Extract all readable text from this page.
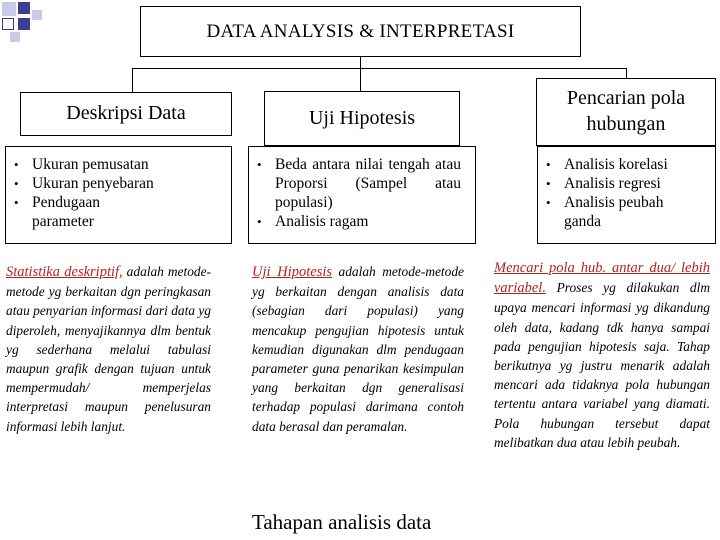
DATA ANALYSIS & INTERPRETASI
Deskripsi Data
• Ukuran pemusatan
• Ukuran penyebaran
• Pendugaan parameter
Statistika deskriptif, adalah metode-metode yg berkaitan dgn peringkasan atau penyarian informasi dari data yg diperoleh, menyajikannya dlm bentuk yg sederhana melalui tabulasi maupun grafik dengan tujuan untuk mempermudah/ memperjelas interpretasi maupun penelusuran informasi lebih lanjut.
Uji Hipotesis
• Beda antara nilai tengah atau Proporsi (Sampel atau populasi)
• Analisis ragam
Uji Hipotesis adalah metode-metode yg berkaitan dengan analisis data (sebagian dari populasi) yang mencakup pengujian hipotesis untuk kemudian digunakan dlm pendugaan parameter guna penarikan kesimpulan yang berkaitan dgn generalisasi terhadap populasi darimana contoh data berasal dan peramalan.
Tahapan analisis data
Pencarian pola hubungan
• Analisis korelasi
• Analisis regresi
• Analisis peubah ganda
Mencari pola hub. antar dua/ lebih variabel. Proses yg dilakukan dlm upaya mencari informasi yg dikandung oleh data, kadang tdk hanya sampai pada pengujian hipotesis saja. Tahap berikutnya yg justru menarik adalah mencari ada tidaknya pola hubungan tertentu antara variabel yang diamati. Pola hubungan tersebut dapat melibatkan dua atau lebih peubah.
